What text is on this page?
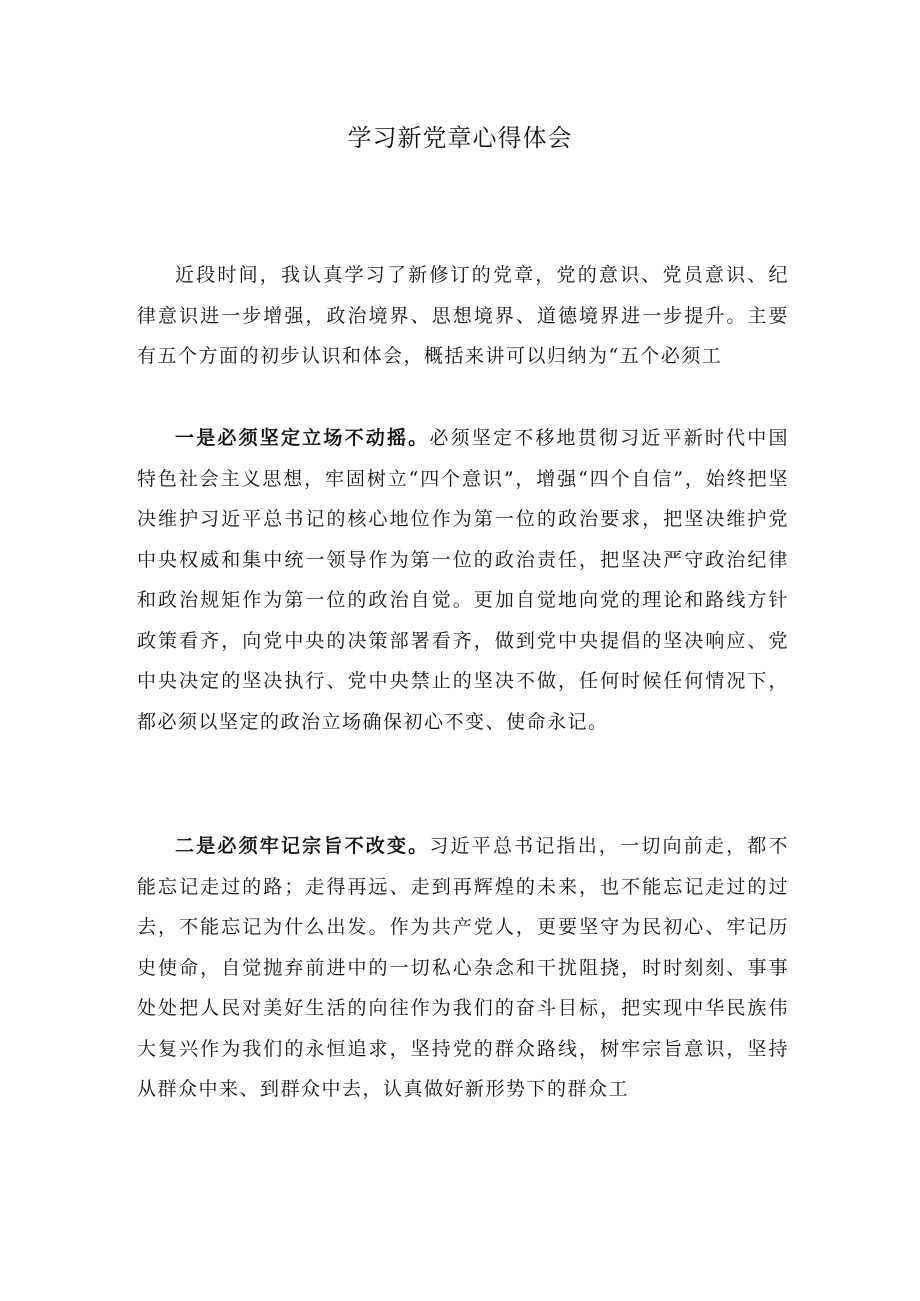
学习新党章心得体会

近段时间，我认真学习了新修订的党章，党的意识、党员意识、纪律意识进一步增强，政治境界、思想境界、道德境界进一步提升。主要有五个方面的初步认识和体会，概括来讲可以归纳为“五个必须工

一是必须坚定立场不动摇。必须坚定不移地贯彻习近平新时代中国特色社会主义思想，牢固树立“四个意识”，增强“四个自信”，始终把坚决维护习近平总书记的核心地位作为第一位的政治要求，把坚决维护党中央权威和集中统一领导作为第一位的政治责任，把坚决严守政治纪律和政治规矩作为第一位的政治自觉。更加自觉地向党的理论和路线方针政策看齐，向党中央的决策部署看齐，做到党中央提倡的坚决响应、党中央决定的坚决执行、党中央禁止的坚决不做，任何时候任何情况下，都必须以坚定的政治立场确保初心不变、使命永记。

二是必须牢记宗旨不改变。习近平总书记指出，一切向前走，都不能忘记走过的路；走得再远、走到再辉煌的未来，也不能忘记走过的过去，不能忘记为什么出发。作为共产党人，更要坚守为民初心、牢记历史使命，自觉抛弃前进中的一切私心杂念和干扰阻挠，时时刻刻、事事处处把人民对美好生活的向往作为我们的奋斗目标，把实现中华民族伟大复兴作为我们的永恒追求，坚持党的群众路线，树牢宗旨意识，坚持从群众中来、到群众中去，认真做好新形势下的群众工
